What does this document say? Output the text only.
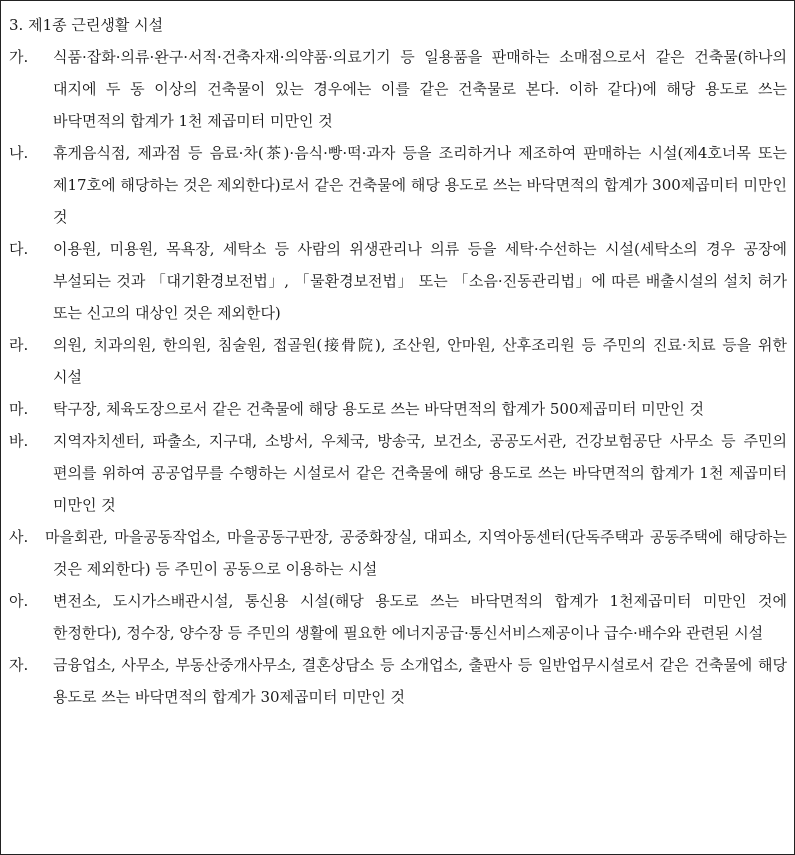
3. 제1종 근린생활 시설

가.	식품·잡화·의류·완구·서적·건축자재·의약품·의료기기 등 일용품을 판매하는 소매점으로서 같은 건축물(하나의 대지에 두 동 이상의 건축물이 있는 경우에는 이를 같은 건축물로 본다. 이하 같다)에 해당 용도로 쓰는 바닥면적의 합계가 1천 제곱미터 미만인 것
나.	휴게음식점, 제과점 등 음료·차(茶)·음식·빵·떡·과자 등을 조리하거나 제조하여 판매하는 시설(제4호너목 또는 제17호에 해당하는 것은 제외한다)로서 같은 건축물에 해당 용도로 쓰는 바닥면적의 합계가 300제곱미터 미만인 것
다.	이용원, 미용원, 목욕장, 세탁소 등 사람의 위생관리나 의류 등을 세탁·수선하는 시설(세탁소의 경우 공장에 부설되는 것과 「대기환경보전법」, 「물환경보전법」 또는 「소음·진동관리법」에 따른 배출시설의 설치 허가 또는 신고의 대상인 것은 제외한다)
라.	의원, 치과의원, 한의원, 침술원, 접골원(接骨院), 조산원, 안마원, 산후조리원 등 주민의 진료·치료 등을 위한 시설
마.	탁구장, 체육도장으로서 같은 건축물에 해당 용도로 쓰는 바닥면적의 합계가 500제곱미터 미만인 것
바.	지역자치센터, 파출소, 지구대, 소방서, 우체국, 방송국, 보건소, 공공도서관, 건강보험공단 사무소 등 주민의 편의를 위하여 공공업무를 수행하는 시설로서 같은 건축물에 해당 용도로 쓰는 바닥면적의 합계가 1천 제곱미터 미만인 것
사.	마을회관, 마을공동작업소, 마을공동구판장, 공중화장실, 대피소, 지역아동센터(단독주택과 공동주택에 해당하는 것은 제외한다) 등 주민이 공동으로 이용하는 시설
아.	변전소, 도시가스배관시설, 통신용 시설(해당 용도로 쓰는 바닥면적의 합계가 1천제곱미터 미만인 것에 한정한다), 정수장, 양수장 등 주민의 생활에 필요한 에너지공급·통신서비스제공이나 급수·배수와 관련된 시설
자.	금융업소, 사무소, 부동산중개사무소, 결혼상담소 등 소개업소, 출판사 등 일반업무시설로서 같은 건축물에 해당 용도로 쓰는 바닥면적의 합계가 30제곱미터 미만인 것
